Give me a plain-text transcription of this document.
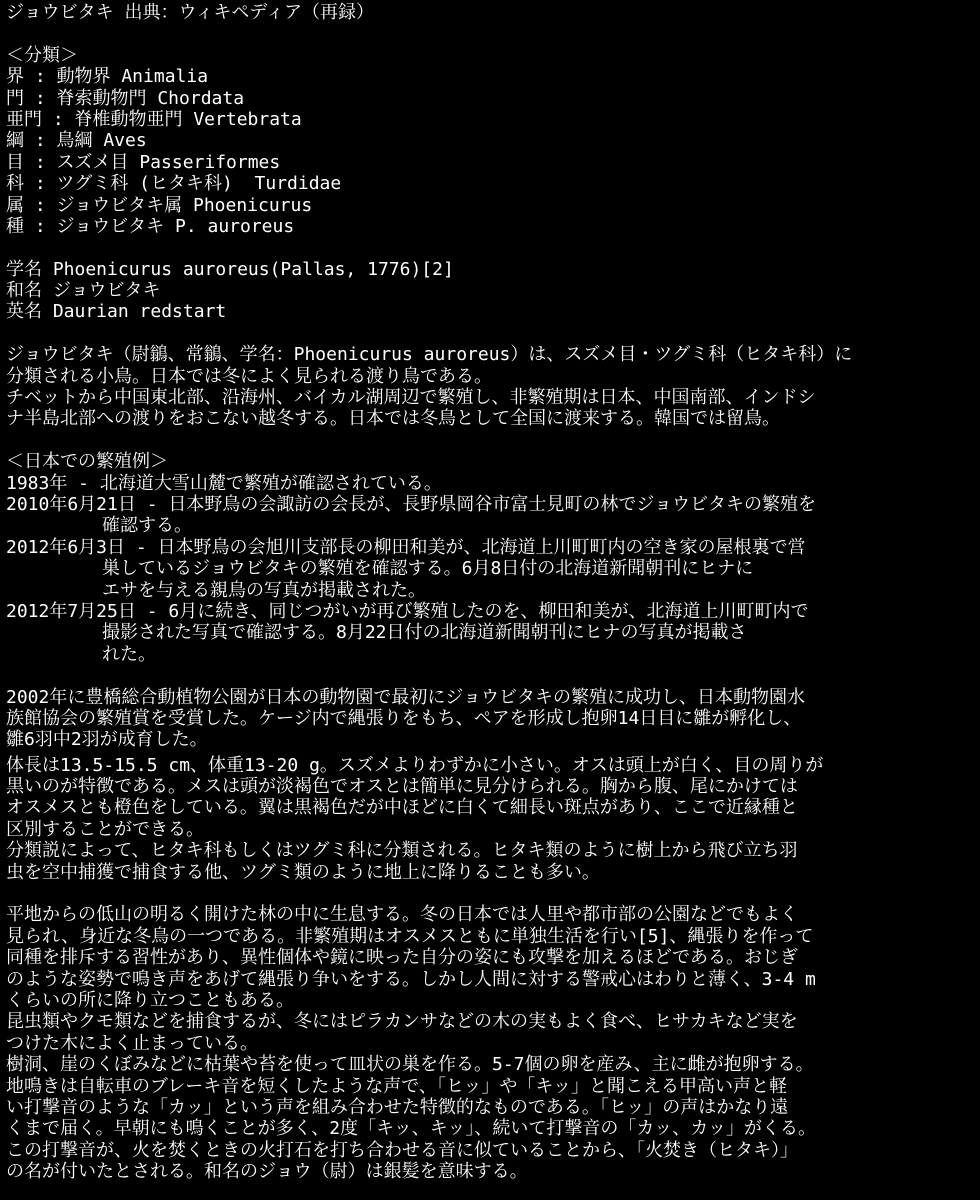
ジョウビタキ 出典：ウィキペディア（再録）
＜分類＞
界 : 動物界 Animalia
門 : 脊索動物門 Chordata
亜門 : 脊椎動物亜門 Vertebrata
綱 : 鳥綱 Aves
目 : スズメ目 Passeriformes
科 : ツグミ科 (ヒタキ科)  Turdidae
属 : ジョウビタキ属 Phoenicurus
種 : ジョウビタキ P. auroreus
学名 Phoenicurus auroreus(Pallas, 1776)[2]
和名 ジョウビタキ
英名 Daurian redstart
ジョウビタキ（尉鶲、常鶲、学名：Phoenicurus auroreus）は、スズメ目・ツグミ科（ヒタキ科）に
分類される小鳥。日本では冬によく見られる渡り鳥である。
チベットから中国東北部、沿海州、バイカル湖周辺で繁殖し、非繁殖期は日本、中国南部、インドシ
ナ半島北部への渡りをおこない越冬する。日本では冬鳥として全国に渡来する。韓国では留鳥。
＜日本での繁殖例＞
1983年 - 北海道大雪山麓で繁殖が確認されている。
2010年6月21日 - 日本野鳥の会諏訪の会長が、長野県岡谷市富士見町の林でジョウビタキの繁殖を
確認する。
2012年6月3日 - 日本野鳥の会旭川支部長の柳田和美が、北海道上川町町内の空き家の屋根裏で営
巣しているジョウビタキの繁殖を確認する。6月8日付の北海道新聞朝刊にヒナに
エサを与える親鳥の写真が掲載された。
2012年7月25日 - 6月に続き、同じつがいが再び繁殖したのを、柳田和美が、北海道上川町町内で
撮影された写真で確認する。8月22日付の北海道新聞朝刊にヒナの写真が掲載さ
れた。
2002年に豊橋総合動植物公園が日本の動物園で最初にジョウビタキの繁殖に成功し、日本動物園水
族館協会の繁殖賞を受賞した。ケージ内で縄張りをもち、ペアを形成し抱卵14日目に雛が孵化し、
雛6羽中2羽が成育した。
体長は13.5-15.5 cm、体重13-20 g。スズメよりわずかに小さい。オスは頭上が白く、目の周りが
黒いのが特徴である。メスは頭が淡褐色でオスとは簡単に見分けられる。胸から腹、尾にかけては
オスメスとも橙色をしている。翼は黒褐色だが中ほどに白くて細長い斑点があり、ここで近縁種と
区別することができる。
分類説によって、ヒタキ科もしくはツグミ科に分類される。ヒタキ類のように樹上から飛び立ち羽
虫を空中捕獲で捕食する他、ツグミ類のように地上に降りることも多い。
平地からの低山の明るく開けた林の中に生息する。冬の日本では人里や都市部の公園などでもよく
見られ、身近な冬鳥の一つである。非繁殖期はオスメスともに単独生活を行い[5]、縄張りを作って
同種を排斥する習性があり、異性個体や鏡に映った自分の姿にも攻撃を加えるほどである。おじぎ
のような姿勢で鳴き声をあげて縄張り争いをする。しかし人間に対する警戒心はわりと薄く、3-4 m
くらいの所に降り立つこともある。
昆虫類やクモ類などを捕食するが、冬にはピラカンサなどの木の実もよく食べ、ヒサカキなど実を
つけた木によく止まっている。
樹洞、崖のくぼみなどに枯葉や苔を使って皿状の巣を作る。5-7個の卵を産み、主に雌が抱卵する。
地鳴きは自転車のブレーキ音を短くしたような声で、「ヒッ」や「キッ」と聞こえる甲高い声と軽
い打撃音のような「カッ」という声を組み合わせた特徴的なものである。「ヒッ」の声はかなり遠
くまで届く。早朝にも鳴くことが多く、2度「キッ、キッ」、続いて打撃音の「カッ、カッ」がくる。
この打撃音が、火を焚くときの火打石を打ち合わせる音に似ていることから、「火焚き（ヒタキ）」
の名が付いたとされる。和名のジョウ（尉）は銀髪を意味する。
